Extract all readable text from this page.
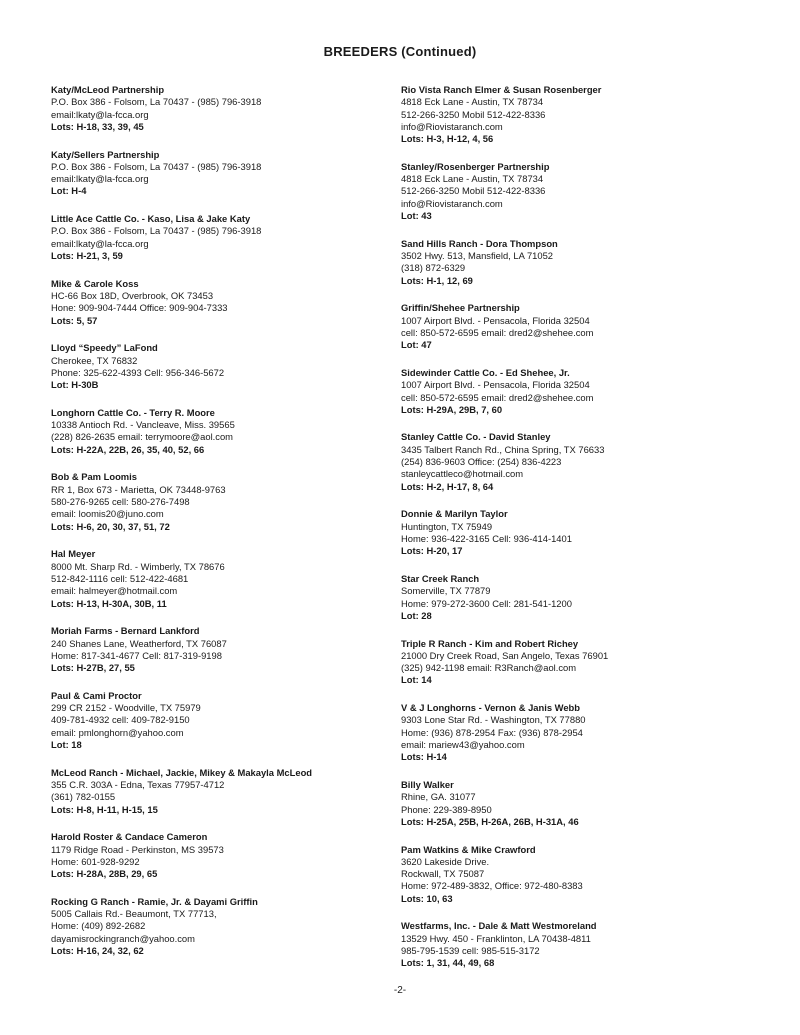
BREEDERS (Continued)
Katy/McLeod Partnership
P.O. Box 386 - Folsom, La 70437 - (985) 796-3918
email:lkaty@la-fcca.org
Lots: H-18, 33, 39, 45
Katy/Sellers Partnership
P.O. Box 386 - Folsom, La 70437 - (985) 796-3918
email:lkaty@la-fcca.org
Lot: H-4
Little Ace Cattle Co. - Kaso, Lisa & Jake Katy
P.O. Box 386 - Folsom, La 70437 - (985) 796-3918
email:lkaty@la-fcca.org
Lots: H-21, 3, 59
Mike & Carole Koss
HC-66 Box 18D, Overbrook, OK 73453
Hone: 909-904-7444 Office: 909-904-7333
Lots: 5, 57
Lloyd “Speedy” LaFond
Cherokee, TX 76832
Phone: 325-622-4393 Cell: 956-346-5672
Lot: H-30B
Longhorn Cattle Co. - Terry R. Moore
10338 Antioch Rd. - Vancleave, Miss. 39565
(228) 826-2635 email: terrymoore@aol.com
Lots: H-22A, 22B, 26, 35, 40, 52, 66
Bob & Pam Loomis
RR 1, Box 673 - Marietta, OK 73448-9763
580-276-9265 cell: 580-276-7498
email: loomis20@juno.com
Lots: H-6, 20, 30, 37, 51, 72
Hal Meyer
8000 Mt. Sharp Rd. - Wimberly, TX 78676
512-842-1116 cell: 512-422-4681
email: halmeyer@hotmail.com
Lots: H-13, H-30A, 30B, 11
Moriah Farms - Bernard Lankford
240 Shanes Lane, Weatherford, TX 76087
Home: 817-341-4677 Cell: 817-319-9198
Lots: H-27B, 27, 55
Paul & Cami Proctor
299 CR 2152 - Woodville, TX 75979
409-781-4932 cell: 409-782-9150
email: pmlonghorn@yahoo.com
Lot: 18
McLeod Ranch - Michael, Jackie, Mikey & Makayla McLeod
355 C.R. 303A - Edna, Texas 77957-4712
(361) 782-0155
Lots: H-8, H-11, H-15, 15
Harold Roster & Candace Cameron
1179 Ridge Road - Perkinston, MS 39573
Home: 601-928-9292
Lots: H-28A, 28B, 29, 65
Rocking G Ranch - Ramie, Jr. & Dayami Griffin
5005 Callais Rd.- Beaumont, TX 77713,
Home: (409) 892-2682
dayamisrockingranch@yahoo.com
Lots: H-16, 24, 32, 62
Rio Vista Ranch Elmer & Susan Rosenberger
4818 Eck Lane - Austin, TX 78734
512-266-3250 Mobil 512-422-8336
info@Riovistaranch.com
Lots: H-3, H-12, 4, 56
Stanley/Rosenberger Partnership
4818 Eck Lane - Austin, TX 78734
512-266-3250 Mobil 512-422-8336
info@Riovistaranch.com
Lot: 43
Sand Hills Ranch - Dora Thompson
3502 Hwy. 513, Mansfield, LA 71052
(318) 872-6329
Lots: H-1, 12, 69
Griffin/Shehee Partnership
1007 Airport Blvd. - Pensacola, Florida 32504
cell: 850-572-6595 email: dred2@shehee.com
Lot: 47
Sidewinder Cattle Co. - Ed Shehee, Jr.
1007 Airport Blvd. - Pensacola, Florida 32504
cell: 850-572-6595 email: dred2@shehee.com
Lots: H-29A, 29B, 7, 60
Stanley Cattle Co. - David Stanley
3435 Talbert Ranch Rd., China Spring, TX 76633
(254) 836-9603 Office: (254) 836-4223
stanleycattleco@hotmail.com
Lots: H-2, H-17, 8, 64
Donnie & Marilyn Taylor
Huntington, TX 75949
Home: 936-422-3165 Cell: 936-414-1401
Lots: H-20, 17
Star Creek Ranch
Somerville, TX 77879
Home: 979-272-3600 Cell: 281-541-1200
Lot: 28
Triple R Ranch - Kim and Robert Richey
21000 Dry Creek Road, San Angelo, Texas 76901
(325) 942-1198 email: R3Ranch@aol.com
Lot: 14
V & J Longhorns - Vernon & Janis Webb
9303 Lone Star Rd. - Washington, TX 77880
Home: (936) 878-2954 Fax: (936) 878-2954
email: mariew43@yahoo.com
Lots: H-14
Billy Walker
Rhine, GA. 31077
Phone: 229-389-8950
Lots: H-25A, 25B, H-26A, 26B, H-31A, 46
Pam Watkins & Mike Crawford
3620 Lakeside Drive.
Rockwall, TX 75087
Home: 972-489-3832, Office: 972-480-8383
Lots: 10, 63
Westfarms, Inc. - Dale & Matt Westmoreland
13529 Hwy. 450 - Franklinton, LA 70438-4811
985-795-1539 cell: 985-515-3172
Lots: 1, 31, 44, 49, 68
-2-
